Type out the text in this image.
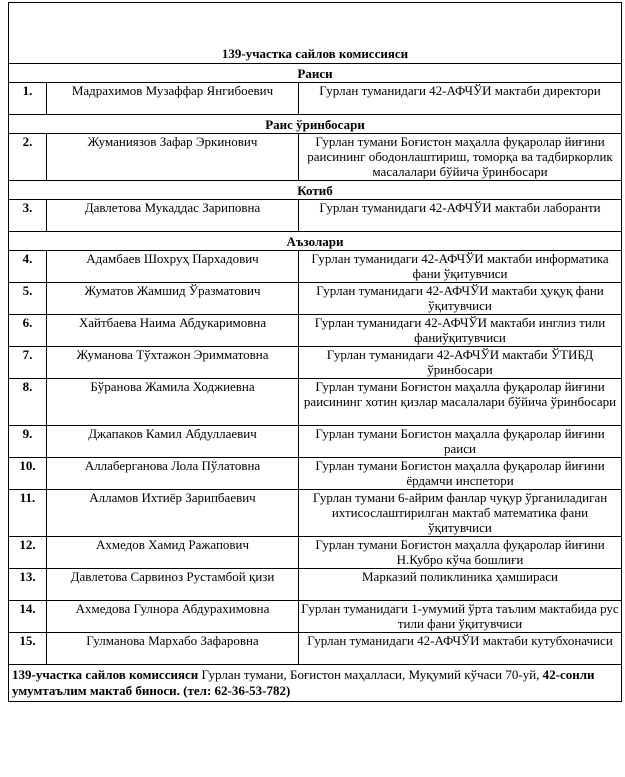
139-участка сайлов комиссияси		
Раиси		
1.	Мадрахимов Музаффар Янгибоевич	Гурлан туманидаги 42-АФЧЎИ мактаби директори
Раис ўринбосари		
2.	Жуманиязов Зафар Эркинович	Гурлан тумани Боғистон маҳалла фуқаролар йиғини раисининг ободонлаштириш, томорқа ва тадбиркорлик масалалари бўйича ўринбосари
Котиб		
3.	Давлетова Мукаддас Зариповна	Гурлан туманидаги 42-АФЧЎИ мактаби лаборанти
Аъзолари		
4.	Адамбаев Шохруҳ Пархадович	Гурлан туманидаги 42-АФЧЎИ мактаби информатика фани ўқитувчиси
5.	Жуматов Жамшид Ўразматович	Гурлан туманидаги 42-АФЧЎИ мактаби ҳуқуқ фани ўқитувчиси
6.	Хайтбаева Наима Абдукаримовна	Гурлан туманидаги 42-АФЧЎИ мактаби инглиз тили фаниўқитувчиси
7.	Жуманова Тўхтажон Эримматовна	Гурлан туманидаги 42-АФЧЎИ мактаби ЎТИБД ўринбосари
8.	Бўранова Жамила Ходжиевна	Гурлан тумани Боғистон маҳалла фуқаролар йиғини раисининг хотин қизлар масалалари бўйича ўринбосари
9.	Джапаков Камил Абдуллаевич	Гурлан тумани Боғистон маҳалла фуқаролар йиғини раиси
10.	Аллаберганова Лола Пўлатовна	Гурлан тумани Боғистон маҳалла фуқаролар йиғини ёрдамчи инспетори
11.	Алламов Ихтиёр Зарипбаевич	Гурлан тумани 6-айрим фанлар чуқур ўрганиладиган ихтисослаштирилган мактаб математика фани ўқитувчиси
12.	Ахмедов Хамид Ражапович	Гурлан тумани Боғистон маҳалла фуқаролар йиғини Н.Кубро кўча бошлиғи
13.	Давлетова Сарвиноз Рустамбой қизи	Марказий поликлиника ҳамшираси
14.	Ахмедова Гулнора Абдурахимовна	Гурлан туманидаги 1-умумий ўрта таълим мактабида рус тили фани ўқитувчиси
15.	Гулманова Мархабо Зафаровна	Гурлан туманидаги 42-АФЧЎИ мактаби кутубхоначиси
139-участка сайлов комиссияси Гурлан тумани, Боғистон маҳалласи, Муқумий кўчаси 70-уй, 42-сонли умумтаълим мактаб биноси. (тел: 62-36-53-782)		
